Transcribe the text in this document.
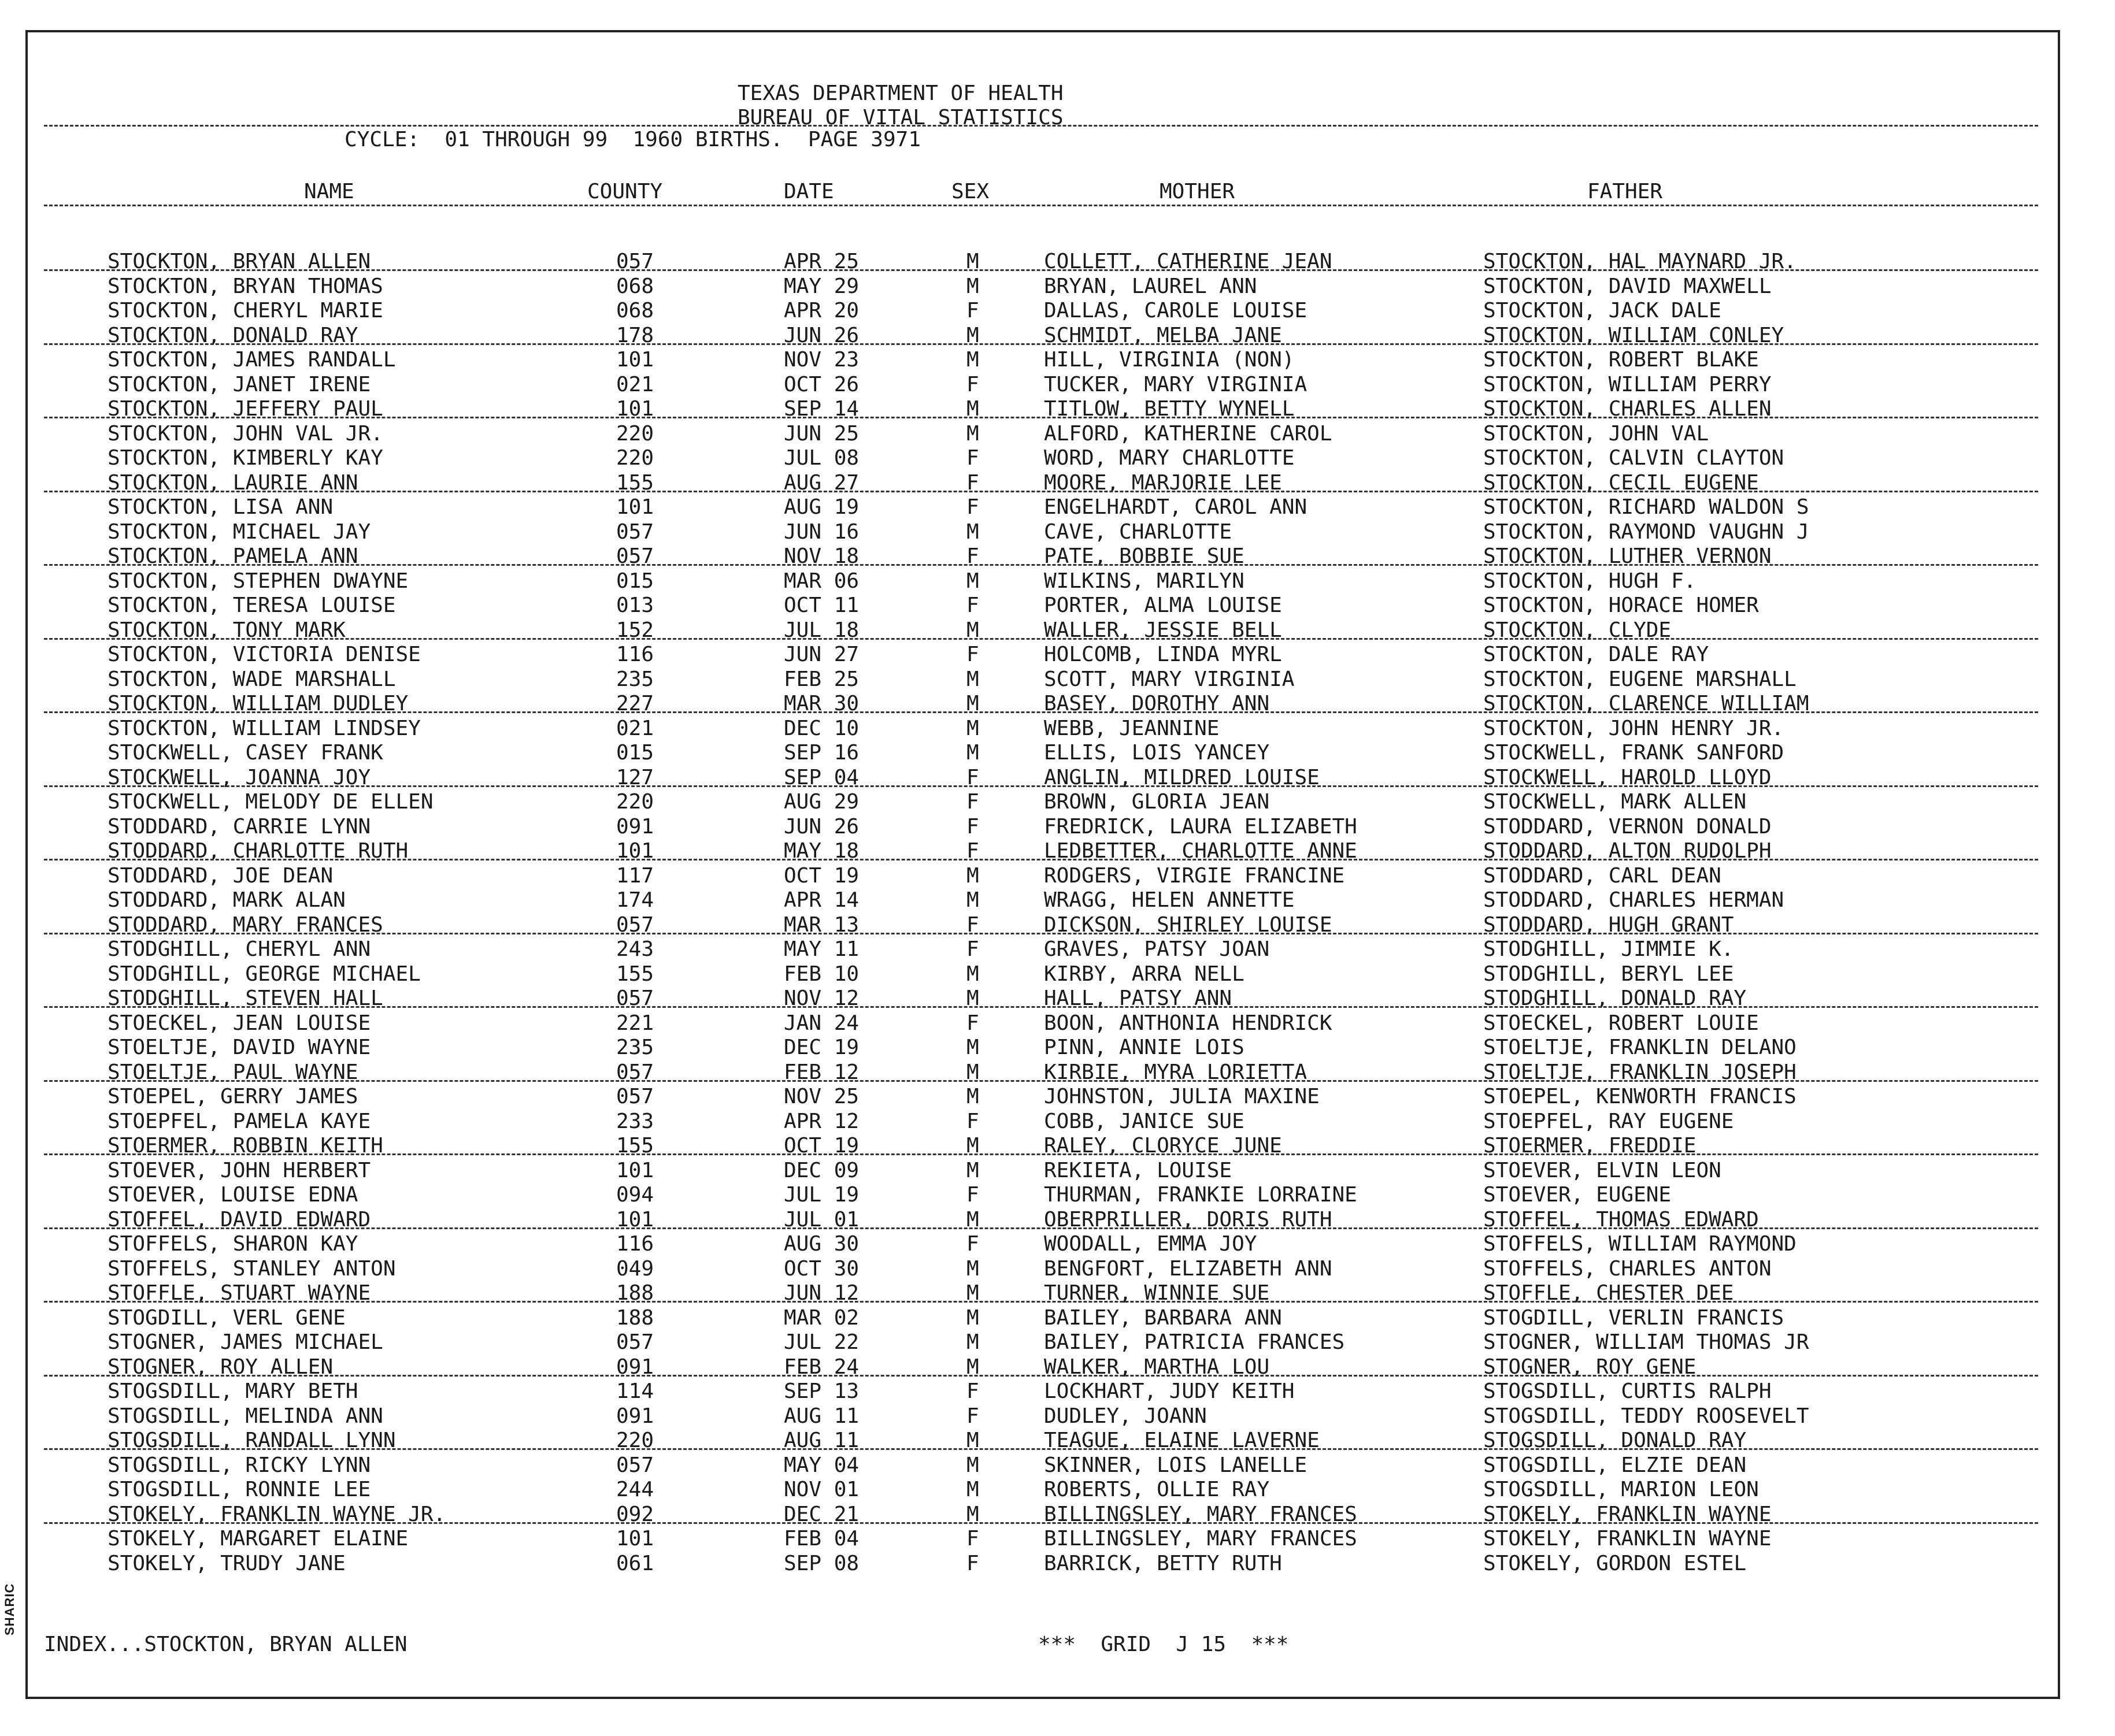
SHARIC
TEXAS DEPARTMENT OF HEALTH
BUREAU OF VITAL STATISTICS
CYCLE:  01 THROUGH 99  1960 BIRTHS.  PAGE 3971
NAME	COUNTY	DATE	SEX	MOTHER	FATHER
STOCKTON, BRYAN ALLEN	057	APR 25	M	COLLETT, CATHERINE JEAN	STOCKTON, HAL MAYNARD JR.
STOCKTON, BRYAN THOMAS	068	MAY 29	M	BRYAN, LAUREL ANN	STOCKTON, DAVID MAXWELL
STOCKTON, CHERYL MARIE	068	APR 20	F	DALLAS, CAROLE LOUISE	STOCKTON, JACK DALE
STOCKTON, DONALD RAY	178	JUN 26	M	SCHMIDT, MELBA JANE	STOCKTON, WILLIAM CONLEY
STOCKTON, JAMES RANDALL	101	NOV 23	M	HILL, VIRGINIA (NON)	STOCKTON, ROBERT BLAKE
STOCKTON, JANET IRENE	021	OCT 26	F	TUCKER, MARY VIRGINIA	STOCKTON, WILLIAM PERRY
STOCKTON, JEFFERY PAUL	101	SEP 14	M	TITLOW, BETTY WYNELL	STOCKTON, CHARLES ALLEN
STOCKTON, JOHN VAL JR.	220	JUN 25	M	ALFORD, KATHERINE CAROL	STOCKTON, JOHN VAL
STOCKTON, KIMBERLY KAY	220	JUL 08	F	WORD, MARY CHARLOTTE	STOCKTON, CALVIN CLAYTON
STOCKTON, LAURIE ANN	155	AUG 27	F	MOORE, MARJORIE LEE	STOCKTON, CECIL EUGENE
STOCKTON, LISA ANN	101	AUG 19	F	ENGELHARDT, CAROL ANN	STOCKTON, RICHARD WALDON S
STOCKTON, MICHAEL JAY	057	JUN 16	M	CAVE, CHARLOTTE	STOCKTON, RAYMOND VAUGHN J
STOCKTON, PAMELA ANN	057	NOV 18	F	PATE, BOBBIE SUE	STOCKTON, LUTHER VERNON
STOCKTON, STEPHEN DWAYNE	015	MAR 06	M	WILKINS, MARILYN	STOCKTON, HUGH F.
STOCKTON, TERESA LOUISE	013	OCT 11	F	PORTER, ALMA LOUISE	STOCKTON, HORACE HOMER
STOCKTON, TONY MARK	152	JUL 18	M	WALLER, JESSIE BELL	STOCKTON, CLYDE
STOCKTON, VICTORIA DENISE	116	JUN 27	F	HOLCOMB, LINDA MYRL	STOCKTON, DALE RAY
STOCKTON, WADE MARSHALL	235	FEB 25	M	SCOTT, MARY VIRGINIA	STOCKTON, EUGENE MARSHALL
STOCKTON, WILLIAM DUDLEY	227	MAR 30	M	BASEY, DOROTHY ANN	STOCKTON, CLARENCE WILLIAM
STOCKTON, WILLIAM LINDSEY	021	DEC 10	M	WEBB, JEANNINE	STOCKTON, JOHN HENRY JR.
STOCKWELL, CASEY FRANK	015	SEP 16	M	ELLIS, LOIS YANCEY	STOCKWELL, FRANK SANFORD
STOCKWELL, JOANNA JOY	127	SEP 04	F	ANGLIN, MILDRED LOUISE	STOCKWELL, HAROLD LLOYD
STOCKWELL, MELODY DE ELLEN	220	AUG 29	F	BROWN, GLORIA JEAN	STOCKWELL, MARK ALLEN
STODDARD, CARRIE LYNN	091	JUN 26	F	FREDRICK, LAURA ELIZABETH	STODDARD, VERNON DONALD
STODDARD, CHARLOTTE RUTH	101	MAY 18	F	LEDBETTER, CHARLOTTE ANNE	STODDARD, ALTON RUDOLPH
STODDARD, JOE DEAN	117	OCT 19	M	RODGERS, VIRGIE FRANCINE	STODDARD, CARL DEAN
STODDARD, MARK ALAN	174	APR 14	M	WRAGG, HELEN ANNETTE	STODDARD, CHARLES HERMAN
STODDARD, MARY FRANCES	057	MAR 13	F	DICKSON, SHIRLEY LOUISE	STODDARD, HUGH GRANT
STODGHILL, CHERYL ANN	243	MAY 11	F	GRAVES, PATSY JOAN	STODGHILL, JIMMIE K.
STODGHILL, GEORGE MICHAEL	155	FEB 10	M	KIRBY, ARRA NELL	STODGHILL, BERYL LEE
STODGHILL, STEVEN HALL	057	NOV 12	M	HALL, PATSY ANN	STODGHILL, DONALD RAY
STOECKEL, JEAN LOUISE	221	JAN 24	F	BOON, ANTHONIA HENDRICK	STOECKEL, ROBERT LOUIE
STOELTJE, DAVID WAYNE	235	DEC 19	M	PINN, ANNIE LOIS	STOELTJE, FRANKLIN DELANO
STOELTJE, PAUL WAYNE	057	FEB 12	M	KIRBIE, MYRA LORIETTA	STOELTJE, FRANKLIN JOSEPH
STOEPEL, GERRY JAMES	057	NOV 25	M	JOHNSTON, JULIA MAXINE	STOEPEL, KENWORTH FRANCIS
STOEPFEL, PAMELA KAYE	233	APR 12	F	COBB, JANICE SUE	STOEPFEL, RAY EUGENE
STOERMER, ROBBIN KEITH	155	OCT 19	M	RALEY, CLORYCE JUNE	STOERMER, FREDDIE
STOEVER, JOHN HERBERT	101	DEC 09	M	REKIETA, LOUISE	STOEVER, ELVIN LEON
STOEVER, LOUISE EDNA	094	JUL 19	F	THURMAN, FRANKIE LORRAINE	STOEVER, EUGENE
STOFFEL, DAVID EDWARD	101	JUL 01	M	OBERPRILLER, DORIS RUTH	STOFFEL, THOMAS EDWARD
STOFFELS, SHARON KAY	116	AUG 30	F	WOODALL, EMMA JOY	STOFFELS, WILLIAM RAYMOND
STOFFELS, STANLEY ANTON	049	OCT 30	M	BENGFORT, ELIZABETH ANN	STOFFELS, CHARLES ANTON
STOFFLE, STUART WAYNE	188	JUN 12	M	TURNER, WINNIE SUE	STOFFLE, CHESTER DEE
STOGDILL, VERL GENE	188	MAR 02	M	BAILEY, BARBARA ANN	STOGDILL, VERLIN FRANCIS
STOGNER, JAMES MICHAEL	057	JUL 22	M	BAILEY, PATRICIA FRANCES	STOGNER, WILLIAM THOMAS JR
STOGNER, ROY ALLEN	091	FEB 24	M	WALKER, MARTHA LOU	STOGNER, ROY GENE
STOGSDILL, MARY BETH	114	SEP 13	F	LOCKHART, JUDY KEITH	STOGSDILL, CURTIS RALPH
STOGSDILL, MELINDA ANN	091	AUG 11	F	DUDLEY, JOANN	STOGSDILL, TEDDY ROOSEVELT
STOGSDILL, RANDALL LYNN	220	AUG 11	M	TEAGUE, ELAINE LAVERNE	STOGSDILL, DONALD RAY
STOGSDILL, RICKY LYNN	057	MAY 04	M	SKINNER, LOIS LANELLE	STOGSDILL, ELZIE DEAN
STOGSDILL, RONNIE LEE	244	NOV 01	M	ROBERTS, OLLIE RAY	STOGSDILL, MARION LEON
STOKELY, FRANKLIN WAYNE JR.	092	DEC 21	M	BILLINGSLEY, MARY FRANCES	STOKELY, FRANKLIN WAYNE
STOKELY, MARGARET ELAINE	101	FEB 04	F	BILLINGSLEY, MARY FRANCES	STOKELY, FRANKLIN WAYNE
STOKELY, TRUDY JANE	061	SEP 08	F	BARRICK, BETTY RUTH	STOKELY, GORDON ESTEL
INDEX...STOCKTON, BRYAN ALLEN	***  GRID  J 15  ***
